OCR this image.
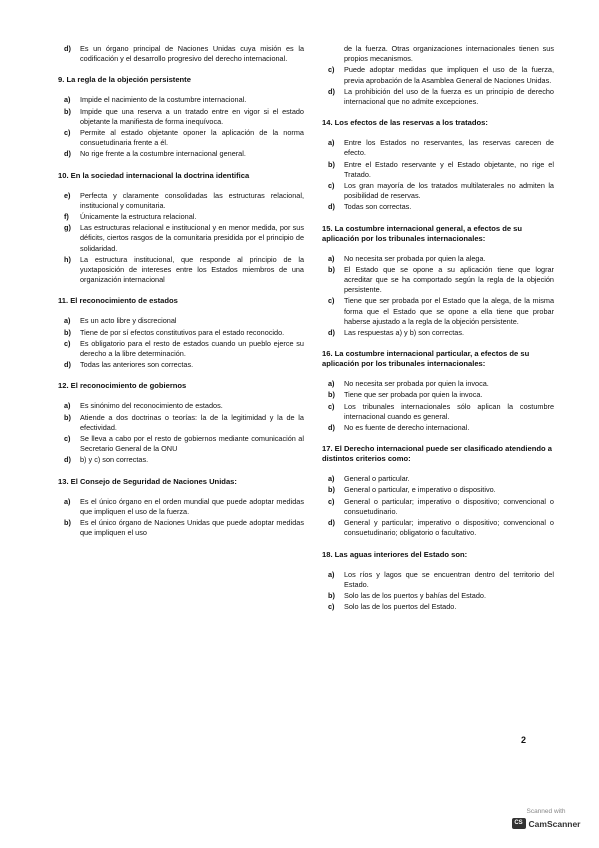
d)	Es un órgano principal de Naciones Unidas cuya misión es la codificación y el desarrollo progresivo del derecho internacional.
9. La regla de la objeción persistente
a)	Impide el nacimiento de la costumbre internacional.
b)	Impide que una reserva a un tratado entre en vigor si el estado objetante la manifiesta de forma inequívoca.
c)	Permite al estado objetante oponer la aplicación de la norma consuetudinaria frente a él.
d)	No rige frente a la costumbre internacional general.
10. En la sociedad internacional la doctrina identifica
e)	Perfecta y claramente consolidadas las estructuras relacional, institucional y comunitaria.
f)	Únicamente la estructura relacional.
g)	Las estructuras relacional e institucional y en menor medida, por sus déficits, ciertos rasgos de la comunitaria presidida por el principio de solidaridad.
h)	La estructura institucional, que responde al principio de la yuxtaposición de intereses entre los Estados miembros de una organización internacional
11. El reconocimiento de estados
a)	Es un acto libre y discrecional
b)	Tiene de por sí efectos constitutivos para el estado reconocido.
c)	Es obligatorio para el resto de estados cuando un pueblo ejerce su derecho a la libre determinación.
d)	Todas las anteriores son correctas.
12. El reconocimiento de gobiernos
a)	Es sinónimo del reconocimiento de estados.
b)	Atiende a dos doctrinas o teorías: la de la legitimidad y la de la efectividad.
c)	Se lleva a cabo por el resto de gobiernos mediante comunicación al Secretario General de la ONU
d)	b) y c) son correctas.
13. El Consejo de Seguridad de Naciones Unidas:
a)	Es el único órgano en el orden mundial que puede adoptar medidas que impliquen el uso de la fuerza.
b)	Es el único órgano de Naciones Unidas que puede adoptar medidas que impliquen el uso
de la fuerza. Otras organizaciones internacionales tienen sus propios mecanismos.
c)	Puede adoptar medidas que impliquen el uso de la fuerza, previa aprobación de la Asamblea General de Naciones Unidas.
d)	La prohibición del uso de la fuerza es un principio de derecho internacional que no admite excepciones.
14. Los efectos de las reservas a los tratados:
a)	Entre los Estados no reservantes, las reservas carecen de efecto.
b)	Entre el Estado reservante y el Estado objetante, no rige el Tratado.
c)	Los gran mayoría de los tratados multilaterales no admiten la posibilidad de reservas.
d)	Todas son correctas.
15. La costumbre internacional general, a efectos de su aplicación por los tribunales internacionales:
a)	No necesita ser probada por quien la alega.
b)	El Estado que se opone a su aplicación tiene que lograr acreditar que se ha comportado según la regla de la objeción persistente.
c)	Tiene que ser probada por el Estado que la alega, de la misma forma que el Estado que se opone a ella tiene que probar haberse ajustado a la regla de la objeción persistente.
d)	Las respuestas a) y b) son correctas.
16. La costumbre internacional particular, a efectos de su aplicación por los tribunales internacionales:
a)	No necesita ser probada por quien la invoca.
b)	Tiene que ser probada por quien la invoca.
c)	Los tribunales internacionales sólo aplican la costumbre internacional cuando es general.
d)	No es fuente de derecho internacional.
17. El Derecho internacional puede ser clasificado atendiendo a distintos criterios como:
a)	General o particular.
b)	General o particular, e imperativo o dispositivo.
c)	General o particular; imperativo o dispositivo; convencional o consuetudinario.
d)	General y particular; imperativo o dispositivo; convencional o consuetudinario; obligatorio o facultativo.
18. Las aguas interiores del Estado son:
a)	Los ríos y lagos que se encuentran dentro del territorio del Estado.
b)	Solo las de los puertos y bahías del Estado.
c)	Solo las de los puertos del Estado.
2
Scanned with
CS CamScanner
